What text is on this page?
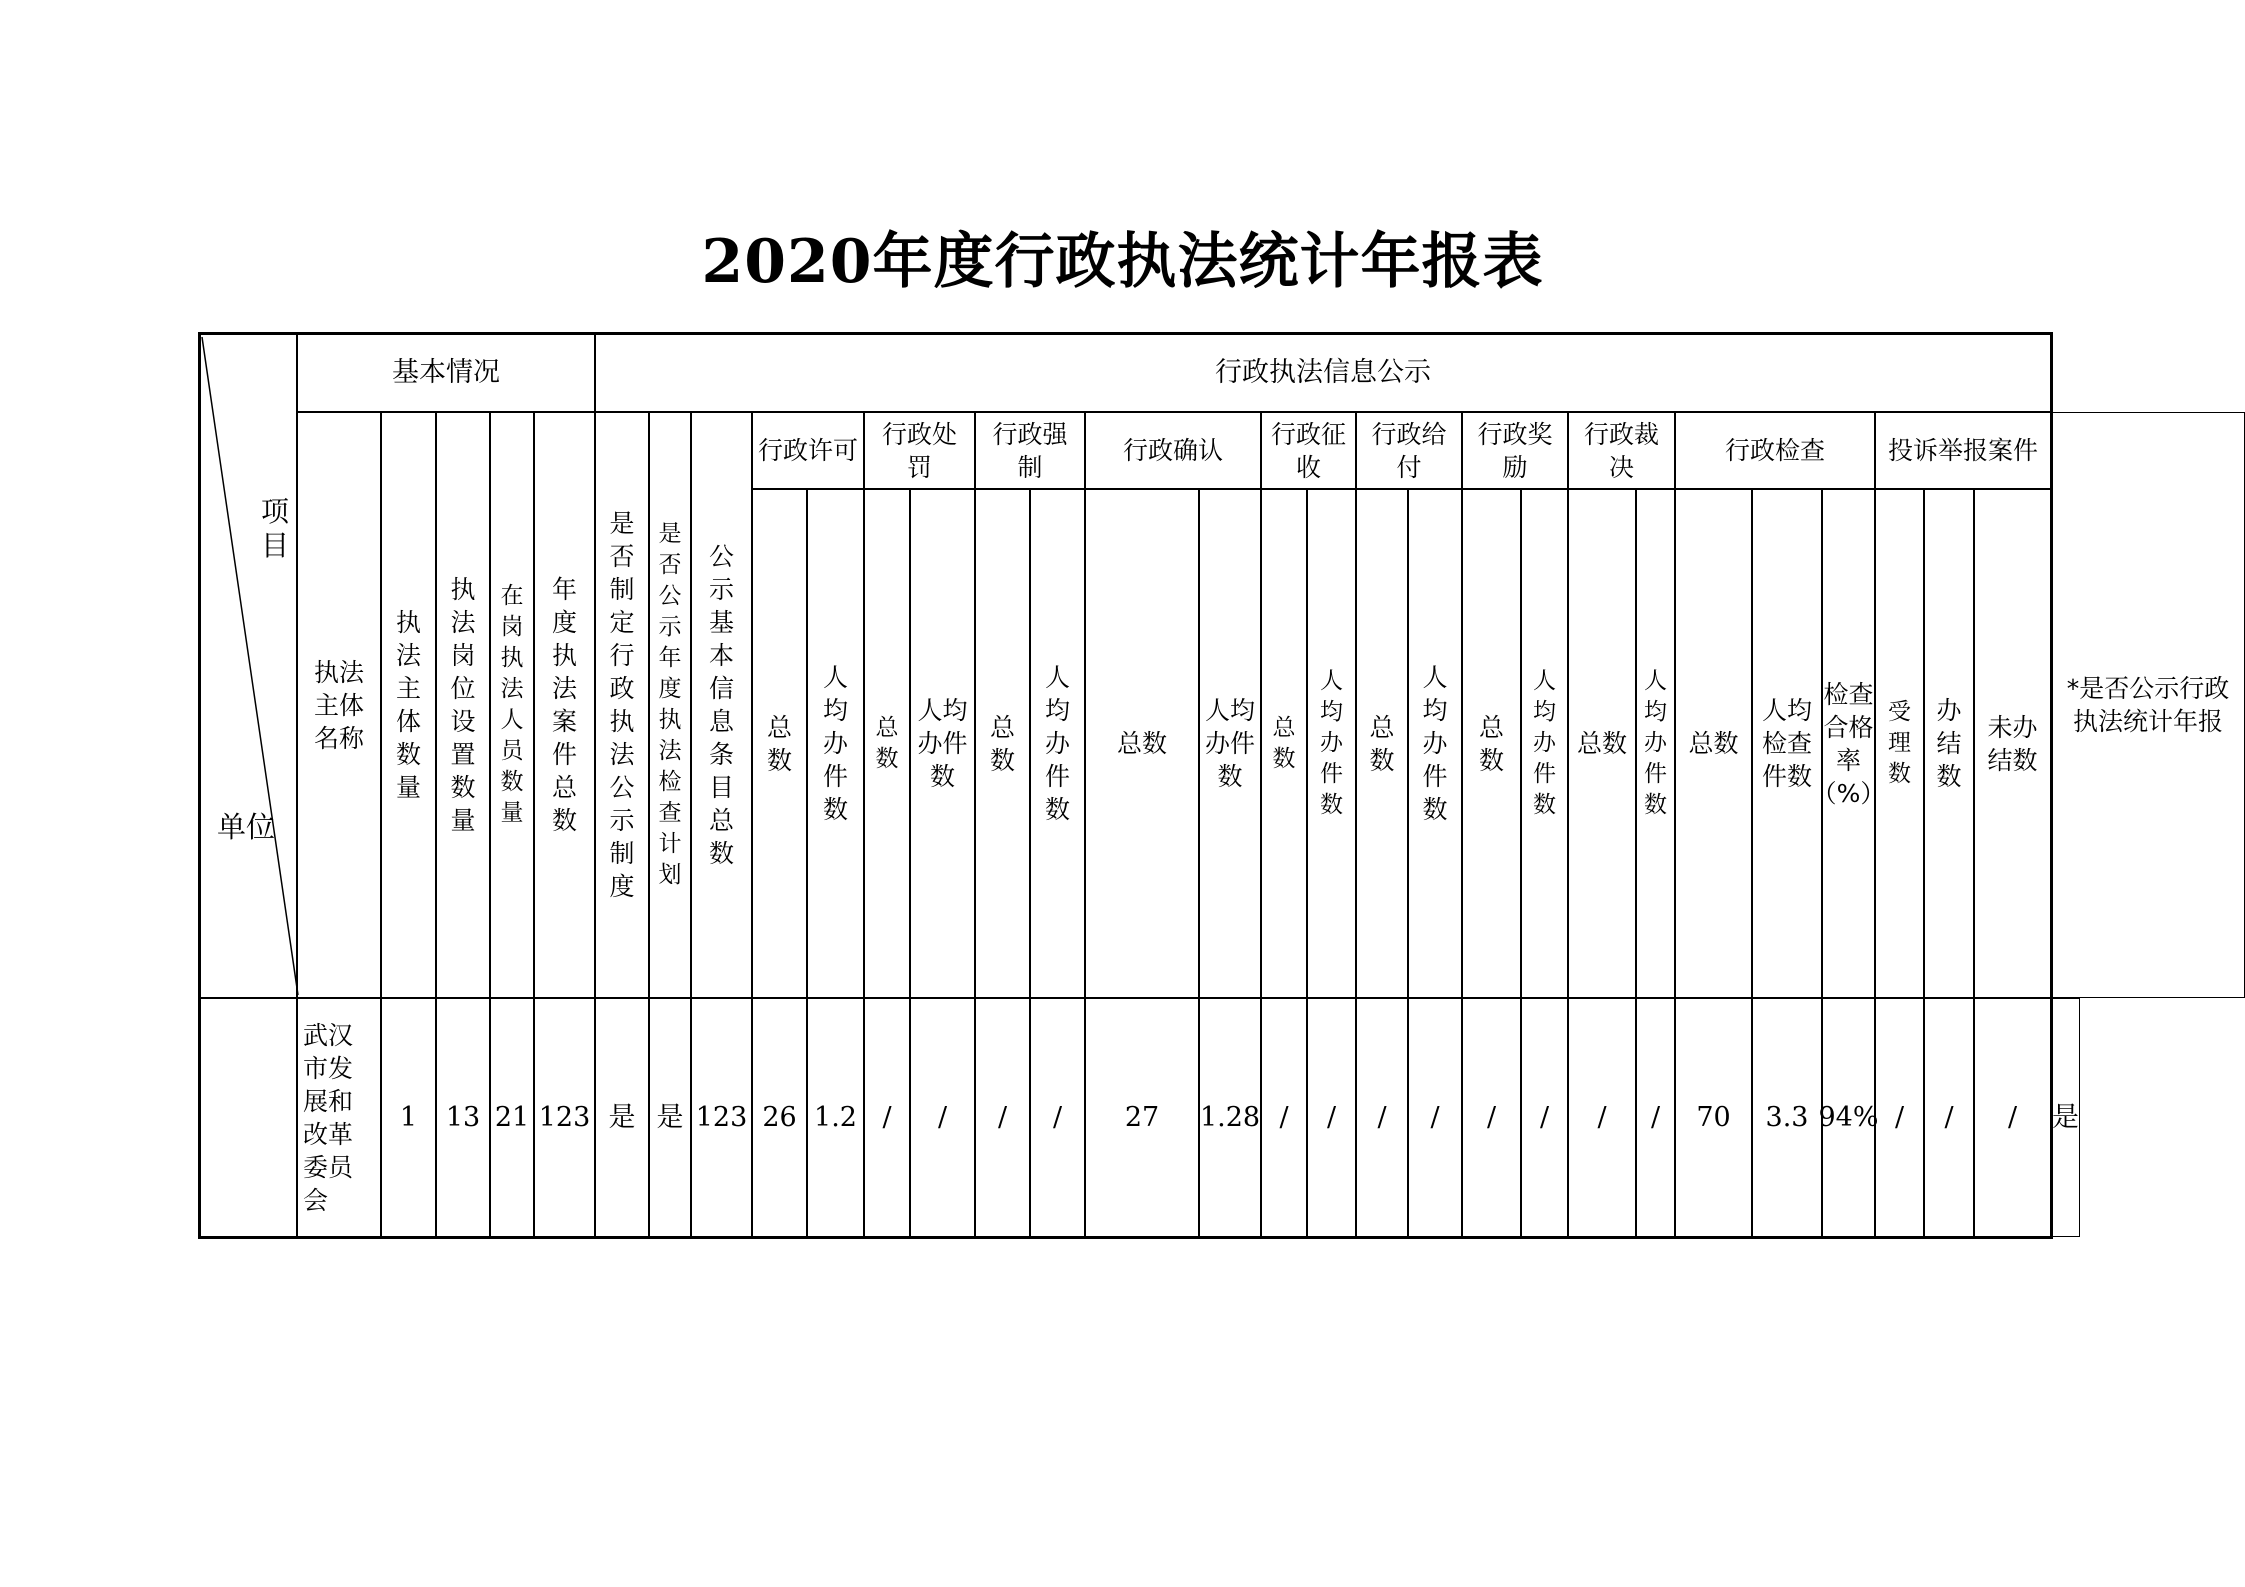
2020年度行政执法统计年报表
项目
单位
基本情况	行政执法信息公示
执法主体名称
执法主体数量
执法岗位设置数量
在岗执法人员数量
年度执法案件总数
是否制定行政执法公示制度
是否公示年度执法检查计划
公示基本信息条目总数
行政许可
行政处罚
行政强制
行政确认
行政征收
行政给付
行政奖励
行政裁决
行政检查	投诉举报案件
总数
人均办件数
总数
人均办件数
总数
人均办件数
总数
人均办件数
总数
人均办件数
总数
人均办件数
总数
人均办件数
总数
人均办件数
总数
人均检查件数
检查合格率（%）
受理数
办结数
未办结数
*是否公示行政执法统计年报
武汉市发展和改革委员会
1 13 21 123 是 是 123 26 1.2 / / / / 27 1.28 / / / / / / / / 70 3.3 94% / / / 是
